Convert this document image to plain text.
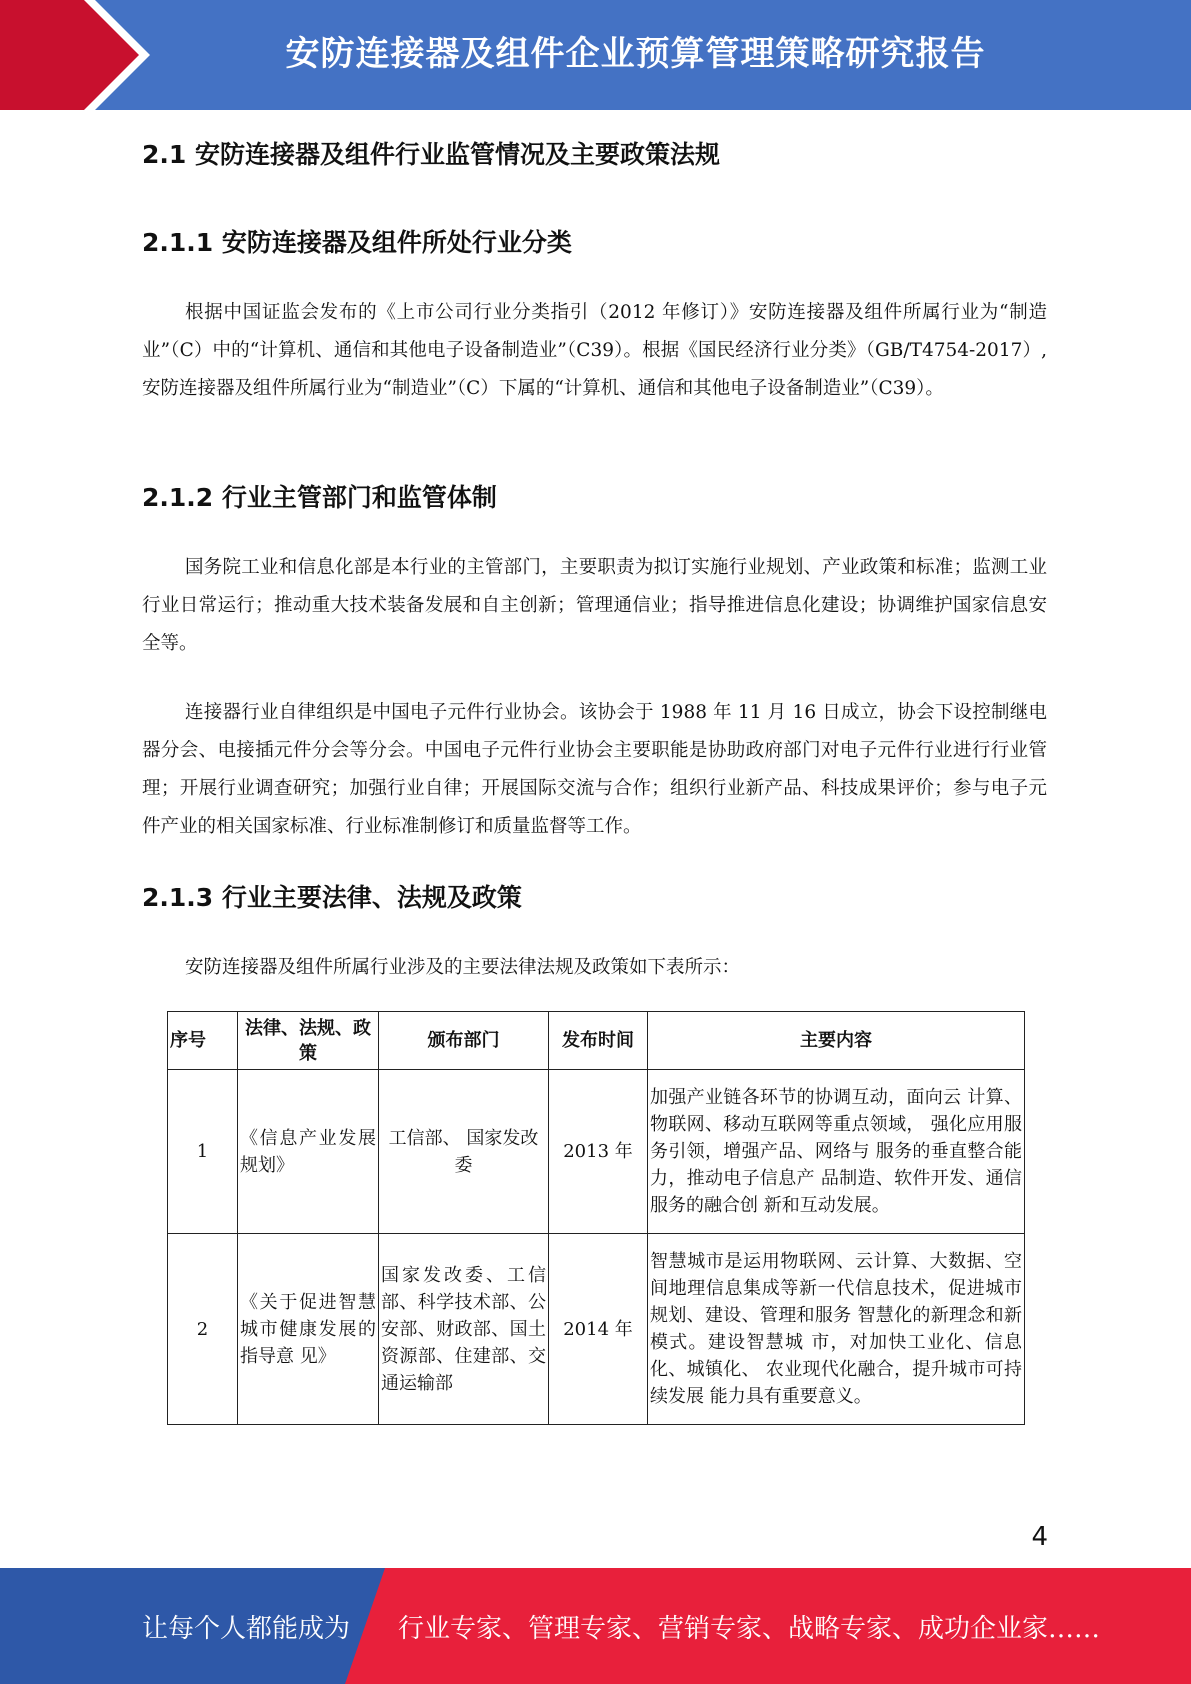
安防连接器及组件企业预算管理策略研究报告
2.1 安防连接器及组件行业监管情况及主要政策法规
2.1.1 安防连接器及组件所处行业分类

根据中国证监会发布的《上市公司行业分类指引（2012 年修订）》安防连接器及组件所属行业为“制造业”（C）中的“计算机、通信和其他电子设备制造业”（C39）。根据《国民经济行业分类》（GB/T4754-2017）,安防连接器及组件所属行业为“制造业”（C）下属的“计算机、通信和其他电子设备制造业”（C39）。

2.1.2 行业主管部门和监管体制

国务院工业和信息化部是本行业的主管部门，主要职责为拟订实施行业规划、产业政策和标准；监测工业行业日常运行；推动重大技术装备发展和自主创新；管理通信业；指导推进信息化建设；协调维护国家信息安全等。

连接器行业自律组织是中国电子元件行业协会。该协会于 1988 年 11 月 16 日成立，协会下设控制继电器分会、电接插元件分会等分会。中国电子元件行业协会主要职能是协助政府部门对电子元件行业进行行业管理；开展行业调查研究；加强行业自律；开展国际交流与合作；组织行业新产品、科技成果评价；参与电子元件产业的相关国家标准、行业标准制修订和质量监督等工作。

2.1.3 行业主要法律、法规及政策

安防连接器及组件所属行业涉及的主要法律法规及政策如下表所示：

序号	法律、法规、政策	颁布部门	发布时间	主要内容
1	《信息产业发展规划》	工信部、 国家发改委	2013 年	加强产业链各环节的协调互动，面向云 计算、物联网、移动互联网等重点领域， 强化应用服务引领，增强产品、网络与 服务的垂直整合能力，推动电子信息产 品制造、软件开发、通信服务的融合创 新和互动发展。
2	《关于促进智慧城市健康发展的指导意 见》	国家发改委、工信部、科学技术部、公安部、财政部、国土资源部、住建部、交通运输部	2014 年	智慧城市是运用物联网、云计算、大数据、空间地理信息集成等新一代信息技术，促进城市规划、建设、管理和服务 智慧化的新理念和新模式。建设智慧城 市，对加快工业化、信息化、城镇化、 农业现代化融合，提升城市可持续发展 能力具有重要意义。
4
让每个人都能成为 行业专家、管理专家、营销专家、战略专家、成功企业家……
